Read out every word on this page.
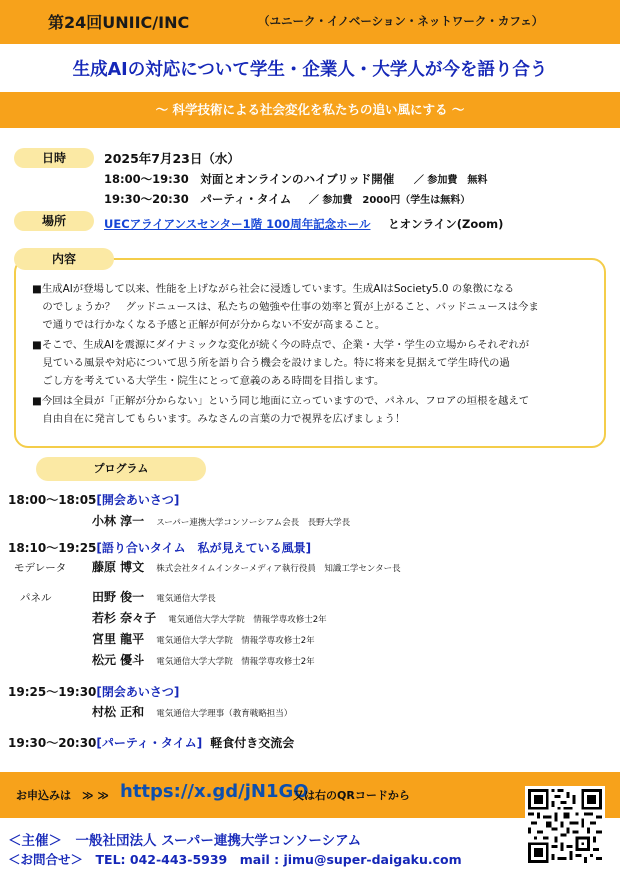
第24回UNIIC/INC	（ユニーク・イノベーション・ネットワーク・カフェ）
生成AIの対応について学生・企業人・大学人が今を語り合う
～ 科学技術による社会変化を私たちの追い風にする ～
日時	2025年7月23日（水）
18:00～19:30 対面とオンラインのハイブリッド開催 ／ 参加費　無料
19:30～20:30 パーティ・タイム ／ 参加費　2000円（学生は無料）
場所	UECアライアンスセンター1階 100周年記念ホール とオンライン(Zoom)
内容
■生成AIが登場して以来、性能を上げながら社会に浸透しています。生成AIはSociety5.0 の象徴になる
　のでしょうか？　グッドニュースは、私たちの勉強や仕事の効率と質が上がること、バッドニュースは今ま
　で通りでは行かなくなる予感と正解が何が分からない不安が高まること。
■そこで、生成AIを震源にダイナミックな変化が続く今の時点で、企業・大学・学生の立場からそれぞれが
　見ている風景や対応について思う所を語り合う機会を設けました。特に将来を見据えて学生時代の過
　ごし方を考えている大学生・院生にとって意義のある時間を目指します。
■今回は全員が「正解が分からない」という同じ地面に立っていますので、パネル、フロアの垣根を越えて
　自由自在に発言してもらいます。みなさんの言葉の力で視界を広げましょう！
プログラム
18:00～18:05[開会あいさつ]
小林 淳一 スーパー連携大学コンソーシアム会長　長野大学長
18:10～19:25[語り合いタイム　私が見えている風景]
モデレータ 藤原 博文 株式会社タイムインターメディア執行役員　知識工学センター長
パネル	田野 俊一 電気通信大学長
若杉 奈々子 電気通信大学大学院　情報学専攻修士2年
宮里 龍平 電気通信大学大学院　情報学専攻修士2年
松元 優斗 電気通信大学大学院　情報学専攻修士2年
19:25～19:30[閉会あいさつ]
村松 正和 電気通信大学理事（教育戦略担当）
19:30～20:30[パーティ・タイム] 軽食付き交流会
お申込みは　≫ ≫ https://x.gd/jN1GO
又は右のQRコードから
＜主催＞　一般社団法人 スーパー連携大学コンソーシアム
＜お問合せ＞　TEL: 042-443-5939　mail : jimu@super-daigaku.com
